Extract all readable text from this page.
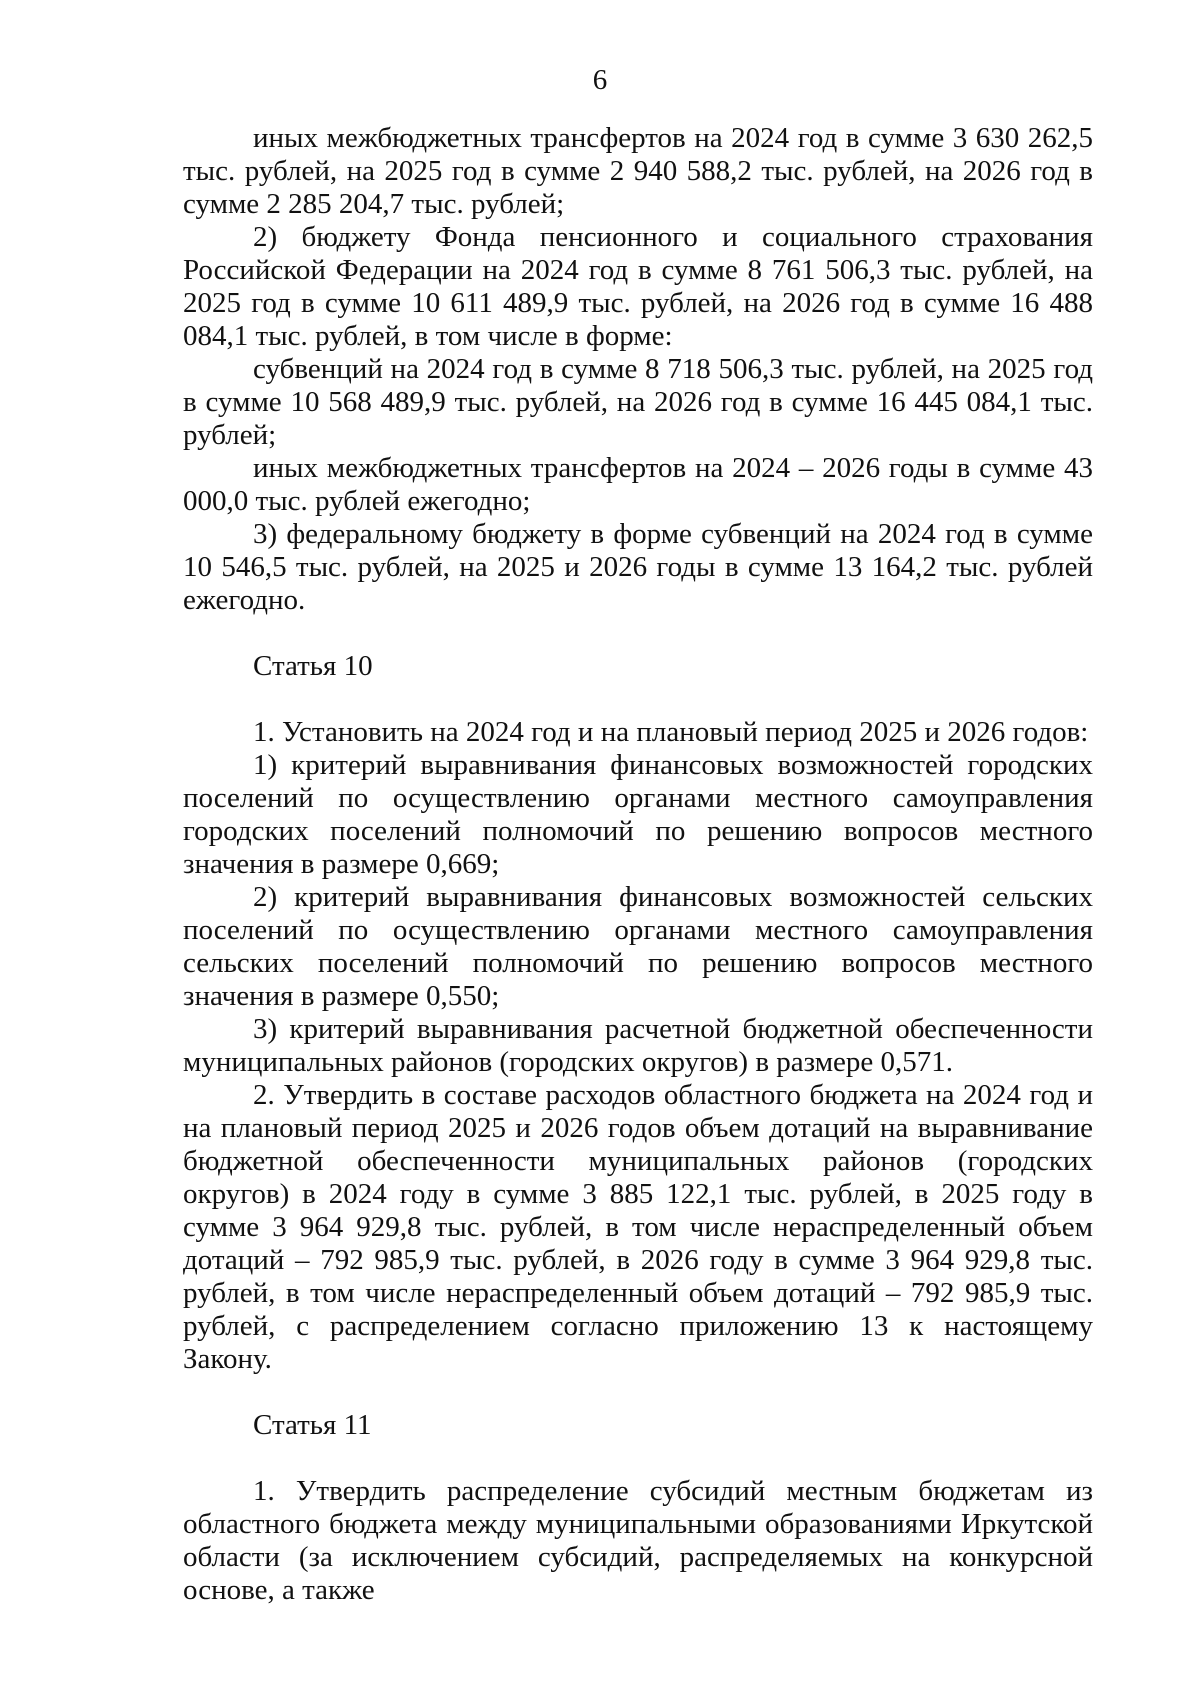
6

иных межбюджетных трансфертов на 2024 год в сумме 3 630 262,5 тыс. рублей, на 2025 год в сумме 2 940 588,2 тыс. рублей, на 2026 год в сумме 2 285 204,7 тыс. рублей;

2) бюджету Фонда пенсионного и социального страхования Российской Федерации на 2024 год в сумме 8 761 506,3 тыс. рублей, на 2025 год в сумме 10 611 489,9 тыс. рублей, на 2026 год в сумме 16 488 084,1 тыс. рублей, в том числе в форме:

субвенций на 2024 год в сумме 8 718 506,3 тыс. рублей, на 2025 год в сумме 10 568 489,9 тыс. рублей, на 2026 год в сумме 16 445 084,1 тыс. рублей;

иных межбюджетных трансфертов на 2024 – 2026 годы в сумме 43 000,0 тыс. рублей ежегодно;

3) федеральному бюджету в форме субвенций на 2024 год в сумме 10 546,5 тыс. рублей, на 2025 и 2026 годы в сумме 13 164,2 тыс. рублей ежегодно.

Статья 10

1. Установить на 2024 год и на плановый период 2025 и 2026 годов:

1) критерий выравнивания финансовых возможностей городских поселений по осуществлению органами местного самоуправления городских поселений полномочий по решению вопросов местного значения в размере 0,669;

2) критерий выравнивания финансовых возможностей сельских поселений по осуществлению органами местного самоуправления сельских поселений полномочий по решению вопросов местного значения в размере 0,550;

3) критерий выравнивания расчетной бюджетной обеспеченности муниципальных районов (городских округов) в размере 0,571.

2. Утвердить в составе расходов областного бюджета на 2024 год и на плановый период 2025 и 2026 годов объем дотаций на выравнивание бюджетной обеспеченности муниципальных районов (городских округов) в 2024 году в сумме 3 885 122,1 тыс. рублей, в 2025 году в сумме 3 964 929,8 тыс. рублей, в том числе нераспределенный объем дотаций – 792 985,9 тыс. рублей, в 2026 году в сумме 3 964 929,8 тыс. рублей, в том числе нераспределенный объем дотаций – 792 985,9 тыс. рублей, с распределением согласно приложению 13 к настоящему Закону.

Статья 11

1. Утвердить распределение субсидий местным бюджетам из областного бюджета между муниципальными образованиями Иркутской области (за исключением субсидий, распределяемых на конкурсной основе, а также
